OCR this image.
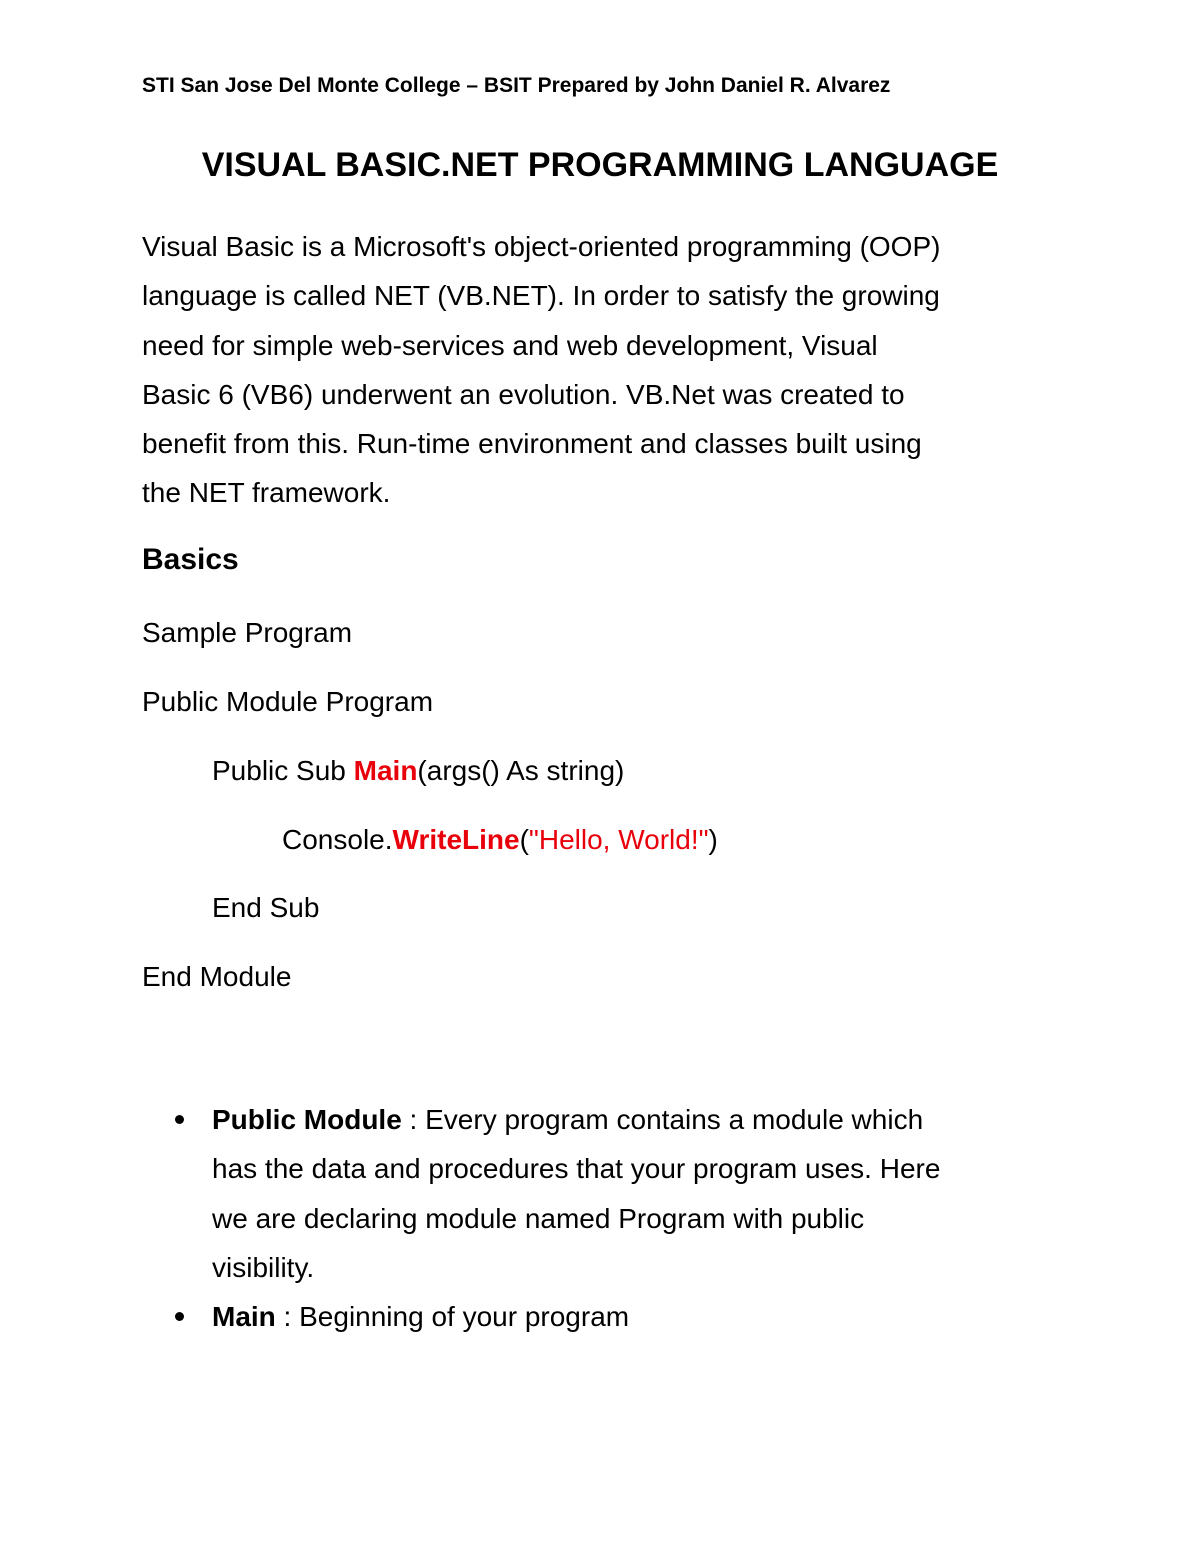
STI San Jose Del Monte College – BSIT Prepared by John Daniel R. Alvarez
VISUAL BASIC.NET PROGRAMMING LANGUAGE
Visual Basic is a Microsoft's object-oriented programming (OOP)
language is called NET (VB.NET). In order to satisfy the growing
need for simple web-services and web development, Visual
Basic 6 (VB6) underwent an evolution. VB.Net was created to
benefit from this. Run-time environment and classes built using
the NET framework.
Basics
Sample Program
Public Module Program
Public Sub Main(args() As string)
Console.WriteLine("Hello, World!")
End Sub
End Module
Public Module : Every program contains a module which
has the data and procedures that your program uses. Here
we are declaring module named Program with public
visibility.
Main : Beginning of your program
